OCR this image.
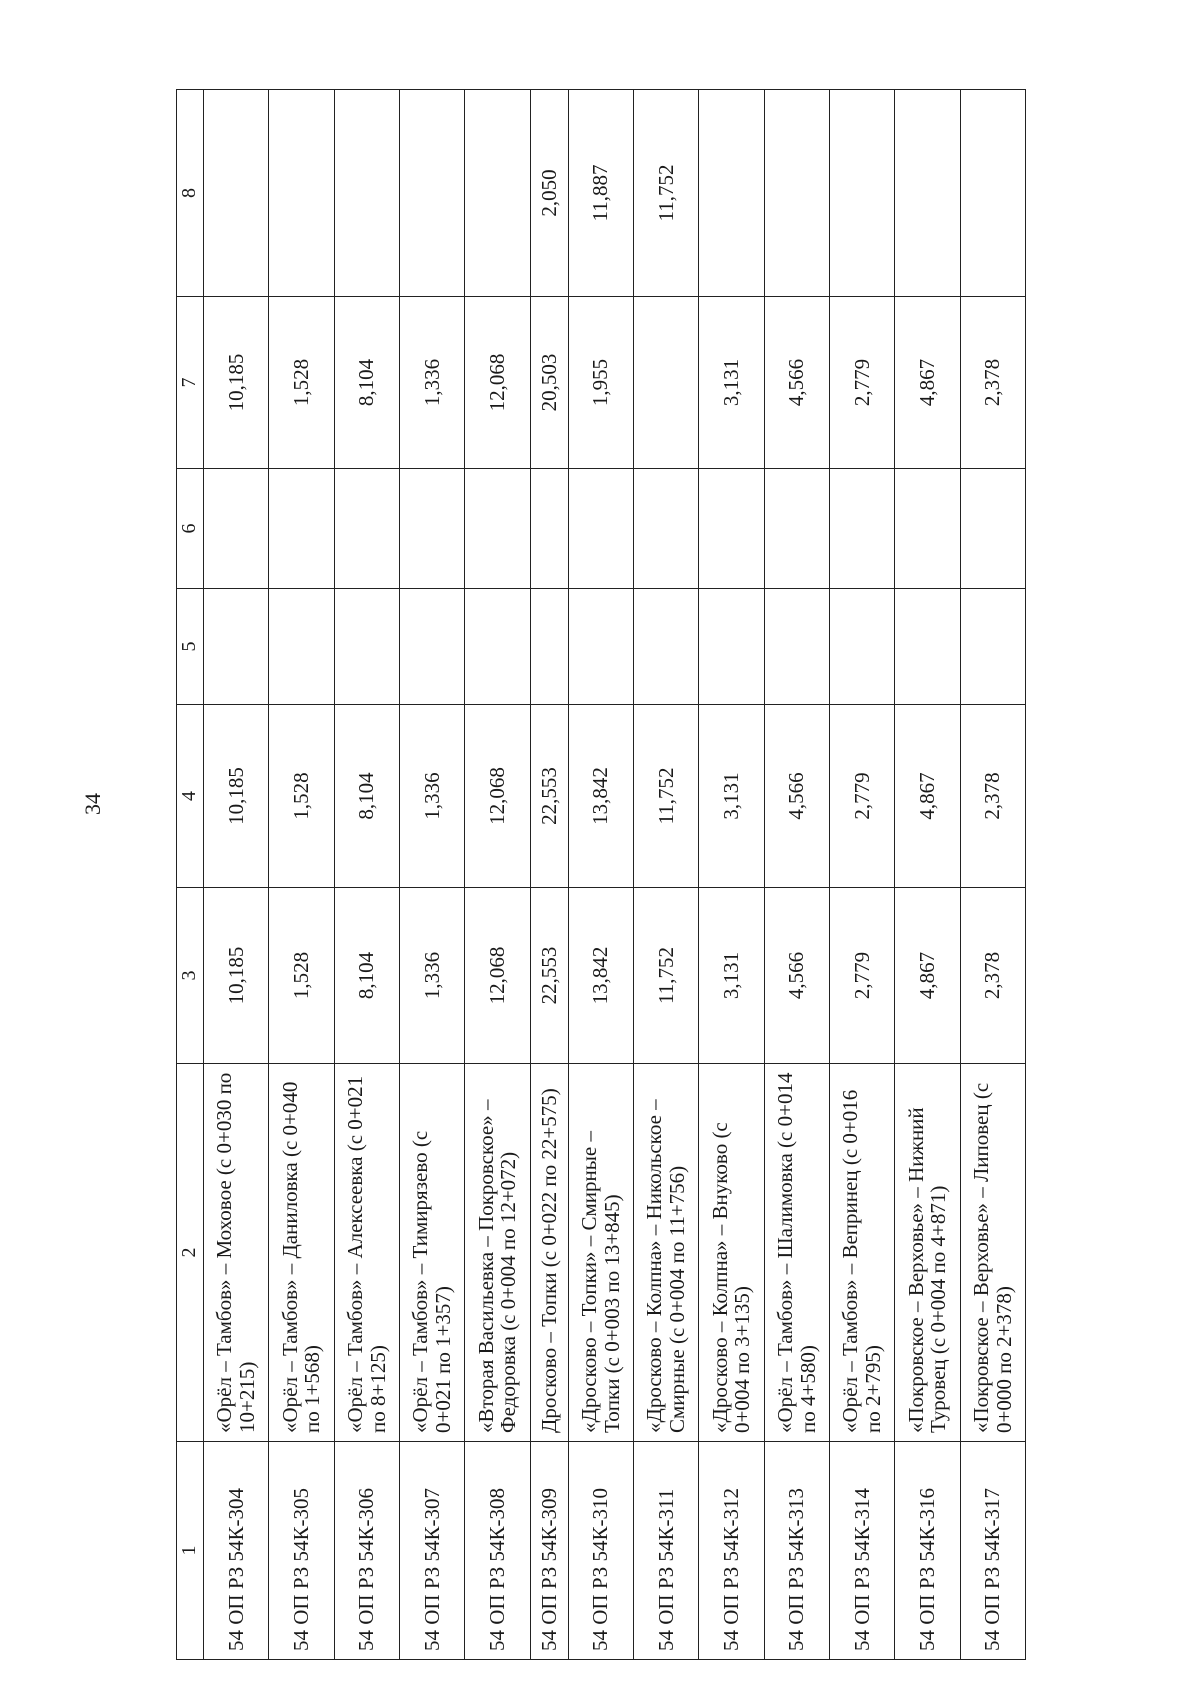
34
1	2	3	4	5	6	7	8
54 ОП РЗ 54К-304	«Орёл – Тамбов» – Моховое (с 0+030 по 10+215)	10,185	10,185			10,185	
54 ОП РЗ 54К-305	«Орёл – Тамбов» – Даниловка (с 0+040 по 1+568)	1,528	1,528			1,528	
54 ОП РЗ 54К-306	«Орёл – Тамбов» – Алексеевка (с 0+021 по 8+125)	8,104	8,104			8,104	
54 ОП РЗ 54К-307	«Орёл – Тамбов» – Тимирязево (с 0+021 по 1+357)	1,336	1,336			1,336	
54 ОП РЗ 54К-308	«Вторая Васильевка – Покровское» – Федоровка (с 0+004 по 12+072)	12,068	12,068			12,068	
54 ОП РЗ 54К-309	Дросково – Топки (с 0+022 по 22+575)	22,553	22,553			20,503	2,050
54 ОП РЗ 54К-310	«Дросково – Топки» – Смирные – Топки (с 0+003 по 13+845)	13,842	13,842			1,955	11,887
54 ОП РЗ 54К-311	«Дросково – Колпна» – Никольское – Смирные (с 0+004 по 11+756)	11,752	11,752				11,752
54 ОП РЗ 54К-312	«Дросково – Колпна» – Внуково (с 0+004 по 3+135)	3,131	3,131			3,131	
54 ОП РЗ 54К-313	«Орёл – Тамбов» – Шалимовка (с 0+014 по 4+580)	4,566	4,566			4,566	
54 ОП РЗ 54К-314	«Орёл – Тамбов» – Вепринец (с 0+016 по 2+795)	2,779	2,779			2,779	
54 ОП РЗ 54К-316	«Покровское – Верховье» – Нижний Туровец (с 0+004 по 4+871)	4,867	4,867			4,867	
54 ОП РЗ 54К-317	«Покровское – Верховье» – Липовец (с 0+000 по 2+378)	2,378	2,378			2,378	
